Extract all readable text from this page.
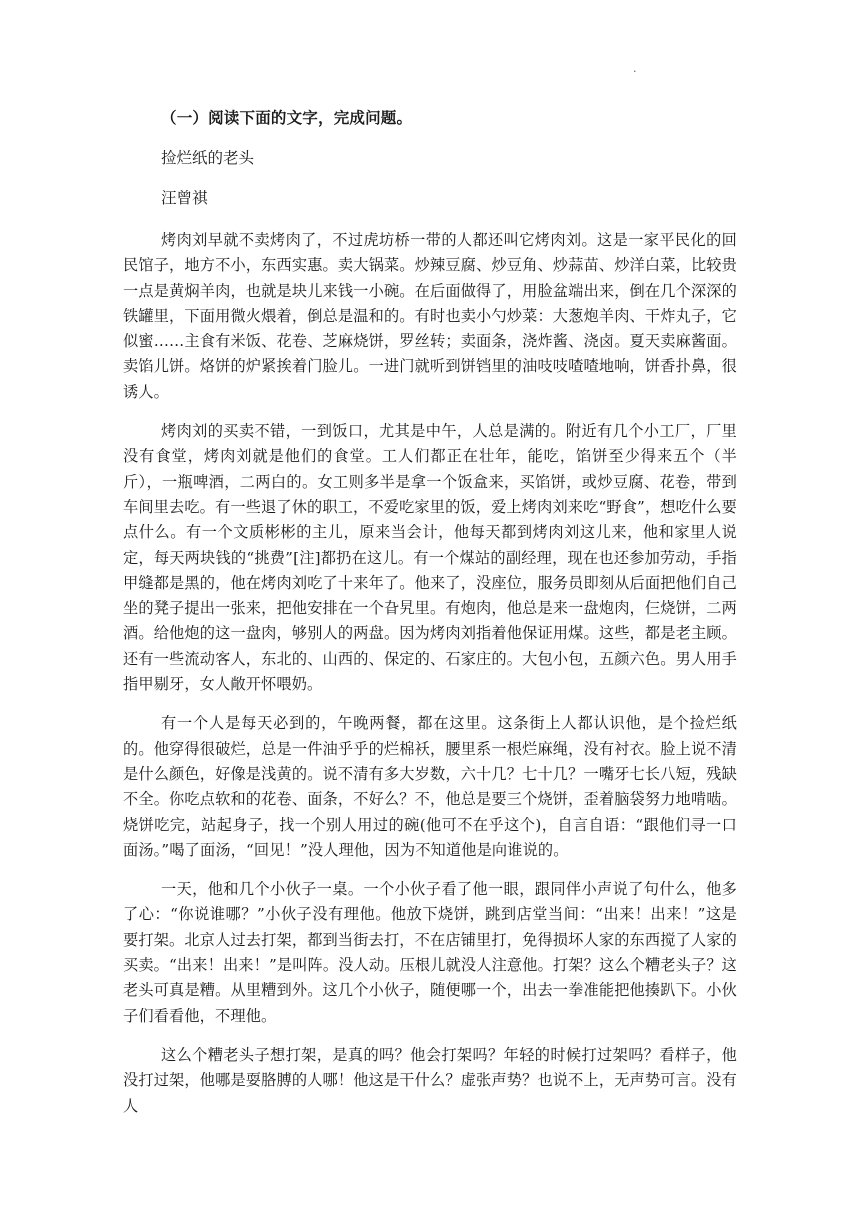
.
（一）阅读下面的文字，完成问题。
捡烂纸的老头
汪曾祺

烤肉刘早就不卖烤肉了，不过虎坊桥一带的人都还叫它烤肉刘。这是一家平民化的回民馆子，地方不小，东西实惠。卖大锅菜。炒辣豆腐、炒豆角、炒蒜苗、炒洋白菜，比较贵一点是黄焖羊肉，也就是块儿来钱一小碗。在后面做得了，用脸盆端出来，倒在几个深深的铁罐里，下面用微火煨着，倒总是温和的。有时也卖小勺炒菜：大葱炮羊肉、干炸丸子，它似蜜……主食有米饭、花卷、芝麻烧饼，罗丝转；卖面条，浇炸酱、浇卤。夏天卖麻酱面。卖馅儿饼。烙饼的炉紧挨着门脸儿。一进门就听到饼铛里的油吱吱喳喳地响，饼香扑鼻，很诱人。

烤肉刘的买卖不错，一到饭口，尤其是中午，人总是满的。附近有几个小工厂，厂里没有食堂，烤肉刘就是他们的食堂。工人们都正在壮年，能吃，馅饼至少得来五个（半斤），一瓶啤酒，二两白的。女工则多半是拿一个饭盒来，买馅饼，或炒豆腐、花卷，带到车间里去吃。有一些退了休的职工，不爱吃家里的饭，爱上烤肉刘来吃“野食”，想吃什么要点什么。有一个文质彬彬的主儿，原来当会计，他每天都到烤肉刘这儿来，他和家里人说定，每天两块钱的“挑费”[注]都扔在这儿。有一个煤站的副经理，现在也还参加劳动，手指甲缝都是黑的，他在烤肉刘吃了十来年了。他来了，没座位，服务员即刻从后面把他们自己坐的凳子提出一张来，把他安排在一个旮旯里。有炮肉，他总是来一盘炮肉，仨烧饼，二两酒。给他炮的这一盘肉，够别人的两盘。因为烤肉刘指着他保证用煤。这些，都是老主顾。还有一些流动客人，东北的、山西的、保定的、石家庄的。大包小包，五颜六色。男人用手指甲剔牙，女人敞开怀喂奶。

有一个人是每天必到的，午晚两餐，都在这里。这条街上人都认识他，是个捡烂纸的。他穿得很破烂，总是一件油乎乎的烂棉袄，腰里系一根烂麻绳，没有衬衣。脸上说不清是什么颜色，好像是浅黄的。说不清有多大岁数，六十几？七十几？一嘴牙七长八短，残缺不全。你吃点软和的花卷、面条，不好么？不，他总是要三个烧饼，歪着脑袋努力地啃啮。烧饼吃完，站起身子，找一个别人用过的碗(他可不在乎这个)，自言自语：“跟他们寻一口面汤。”喝了面汤，“回见！”没人理他，因为不知道他是向谁说的。

一天，他和几个小伙子一桌。一个小伙子看了他一眼，跟同伴小声说了句什么，他多了心：“你说谁哪？”小伙子没有理他。他放下烧饼，跳到店堂当间：“出来！出来！”这是要打架。北京人过去打架，都到当街去打，不在店铺里打，免得损坏人家的东西搅了人家的买卖。“出来！出来！”是叫阵。没人动。压根儿就没人注意他。打架？这么个糟老头子？这老头可真是糟。从里糟到外。这几个小伙子，随便哪一个，出去一拳准能把他揍趴下。小伙子们看看他，不理他。

这么个糟老头子想打架，是真的吗？他会打架吗？年轻的时候打过架吗？看样子，他没打过架，他哪是耍胳膊的人哪！他这是干什么？虚张声势？也说不上，无声势可言。没有人
